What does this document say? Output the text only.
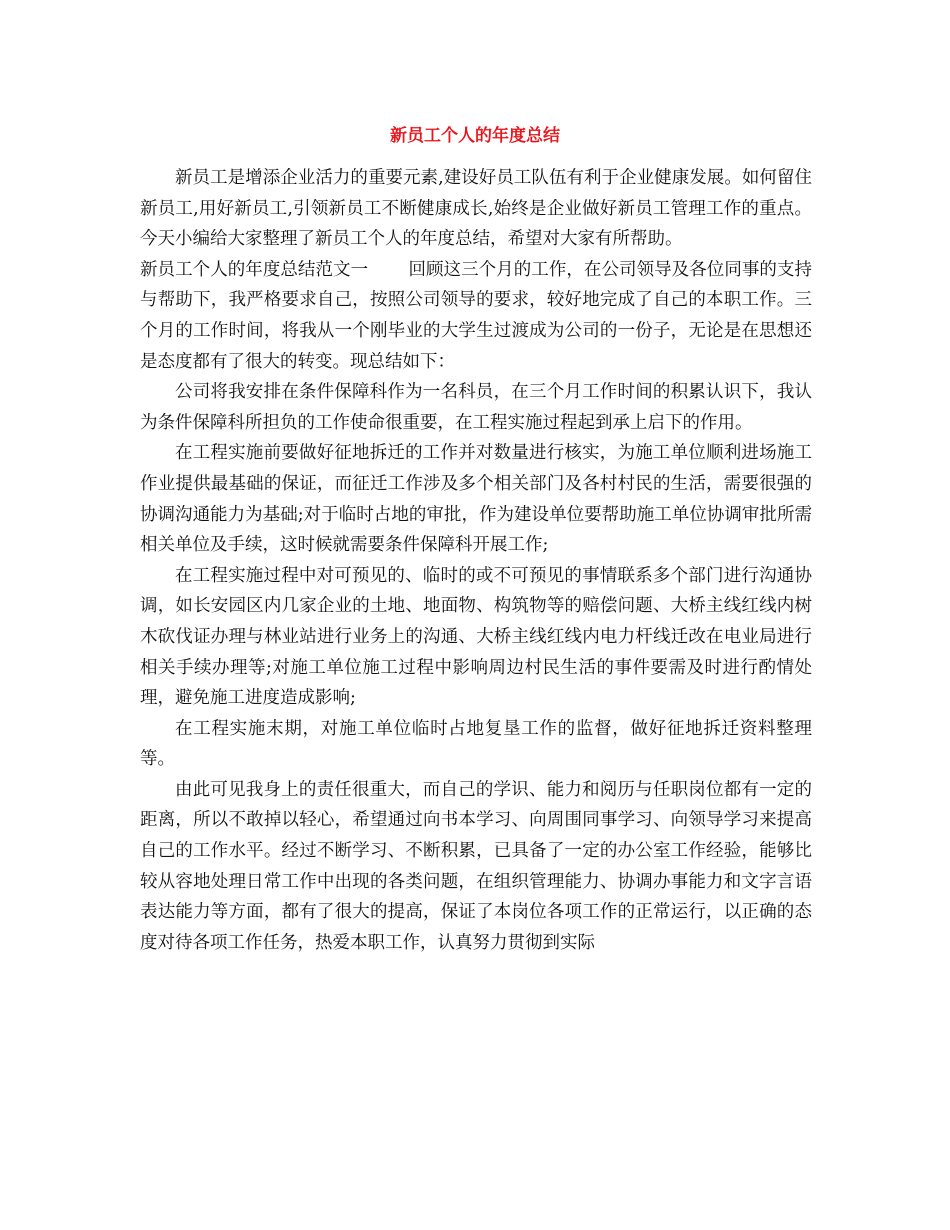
新员工个人的年度总结

新员工是增添企业活力的重要元素,建设好员工队伍有利于企业健康发展。如何留住新员工,用好新员工,引领新员工不断健康成长,始终是企业做好新员工管理工作的重点。今天小编给大家整理了新员工个人的年度总结，希望对大家有所帮助。

新员工个人的年度总结范文一 回顾这三个月的工作，在公司领导及各位同事的支持与帮助下，我严格要求自己，按照公司领导的要求，较好地完成了自己的本职工作。三个月的工作时间，将我从一个刚毕业的大学生过渡成为公司的一份子，无论是在思想还是态度都有了很大的转变。现总结如下：

公司将我安排在条件保障科作为一名科员，在三个月工作时间的积累认识下，我认为条件保障科所担负的工作使命很重要，在工程实施过程起到承上启下的作用。

在工程实施前要做好征地拆迁的工作并对数量进行核实，为施工单位顺利进场施工作业提供最基础的保证，而征迁工作涉及多个相关部门及各村村民的生活，需要很强的协调沟通能力为基础;对于临时占地的审批，作为建设单位要帮助施工单位协调审批所需相关单位及手续，这时候就需要条件保障科开展工作;

在工程实施过程中对可预见的、临时的或不可预见的事情联系多个部门进行沟通协调，如长安园区内几家企业的土地、地面物、构筑物等的赔偿问题、大桥主线红线内树木砍伐证办理与林业站进行业务上的沟通、大桥主线红线内电力杆线迁改在电业局进行相关手续办理等;对施工单位施工过程中影响周边村民生活的事件要需及时进行酌情处理，避免施工进度造成影响;

在工程实施末期，对施工单位临时占地复垦工作的监督，做好征地拆迁资料整理等。

由此可见我身上的责任很重大，而自己的学识、能力和阅历与任职岗位都有一定的距离，所以不敢掉以轻心，希望通过向书本学习、向周围同事学习、向领导学习来提高自己的工作水平。经过不断学习、不断积累，已具备了一定的办公室工作经验，能够比较从容地处理日常工作中出现的各类问题，在组织管理能力、协调办事能力和文字言语表达能力等方面，都有了很大的提高，保证了本岗位各项工作的正常运行，以正确的态度对待各项工作任务，热爱本职工作，认真努力贯彻到实际
